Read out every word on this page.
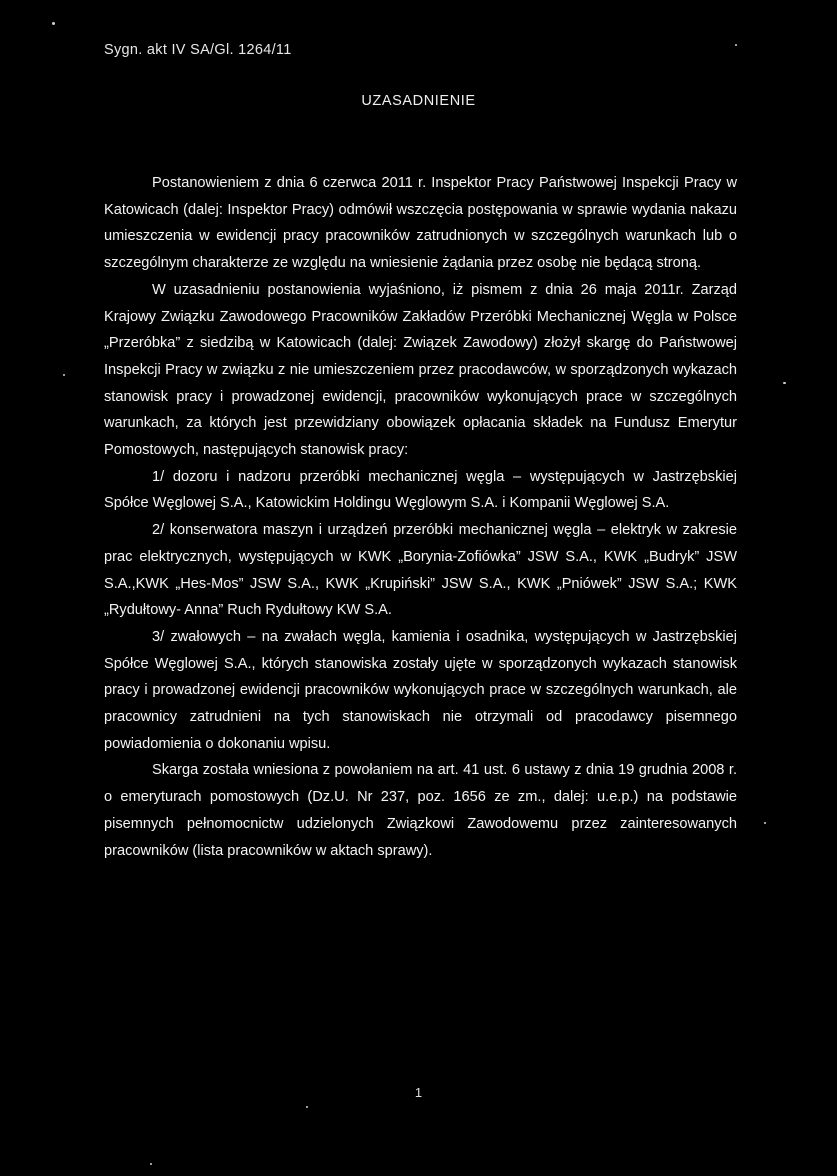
Sygn. akt IV SA/Gl. 1264/11
UZASADNIENIE

Postanowieniem z dnia 6 czerwca 2011 r. Inspektor Pracy Państwowej Inspekcji Pracy w Katowicach (dalej: Inspektor Pracy) odmówił wszczęcia postępowania w sprawie wydania nakazu umieszczenia w ewidencji pracy pracowników zatrudnionych w szczególnych warunkach lub o szczególnym charakterze ze względu na wniesienie żądania przez osobę nie będącą stroną.

W uzasadnieniu postanowienia wyjaśniono, iż pismem z dnia 26 maja 2011r. Zarząd Krajowy Związku Zawodowego Pracowników Zakładów Przeróbki Mechanicznej Węgla w Polsce „Przeróbka” z siedzibą w Katowicach (dalej: Związek Zawodowy) złożył skargę do Państwowej Inspekcji Pracy w związku z nie umieszczeniem przez pracodawców, w sporządzonych wykazach stanowisk pracy i prowadzonej ewidencji, pracowników wykonujących prace w szczególnych warunkach, za których jest przewidziany obowiązek opłacania składek na Fundusz Emerytur Pomostowych, następujących stanowisk pracy:

1/ dozoru i nadzoru przeróbki mechanicznej węgla – występujących w Jastrzębskiej Spółce Węglowej S.A., Katowickim Holdingu Węglowym S.A. i Kompanii Węglowej S.A.

2/ konserwatora maszyn i urządzeń przeróbki mechanicznej węgla – elektryk w zakresie prac elektrycznych, występujących w KWK „Borynia-Zofiówka” JSW S.A., KWK „Budryk” JSW S.A.,KWK „Hes-Mos” JSW S.A., KWK „Krupiński” JSW S.A., KWK „Pniówek” JSW S.A.; KWK „Rydułtowy- Anna” Ruch Rydułtowy KW S.A.

3/ zwałowych – na zwałach węgla, kamienia i osadnika, występujących w Jastrzębskiej Spółce Węglowej S.A., których stanowiska zostały ujęte w sporządzonych wykazach stanowisk pracy i prowadzonej ewidencji pracowników wykonujących prace w szczególnych warunkach, ale pracownicy zatrudnieni na tych stanowiskach nie otrzymali od pracodawcy pisemnego powiadomienia o dokonaniu wpisu.

Skarga została wniesiona z powołaniem na art. 41 ust. 6 ustawy z dnia 19 grudnia 2008 r. o emeryturach pomostowych (Dz.U. Nr 237, poz. 1656 ze zm., dalej: u.e.p.) na podstawie pisemnych pełnomocnictw udzielonych Związkowi Zawodowemu przez zainteresowanych pracowników (lista pracowników w aktach sprawy).

1
